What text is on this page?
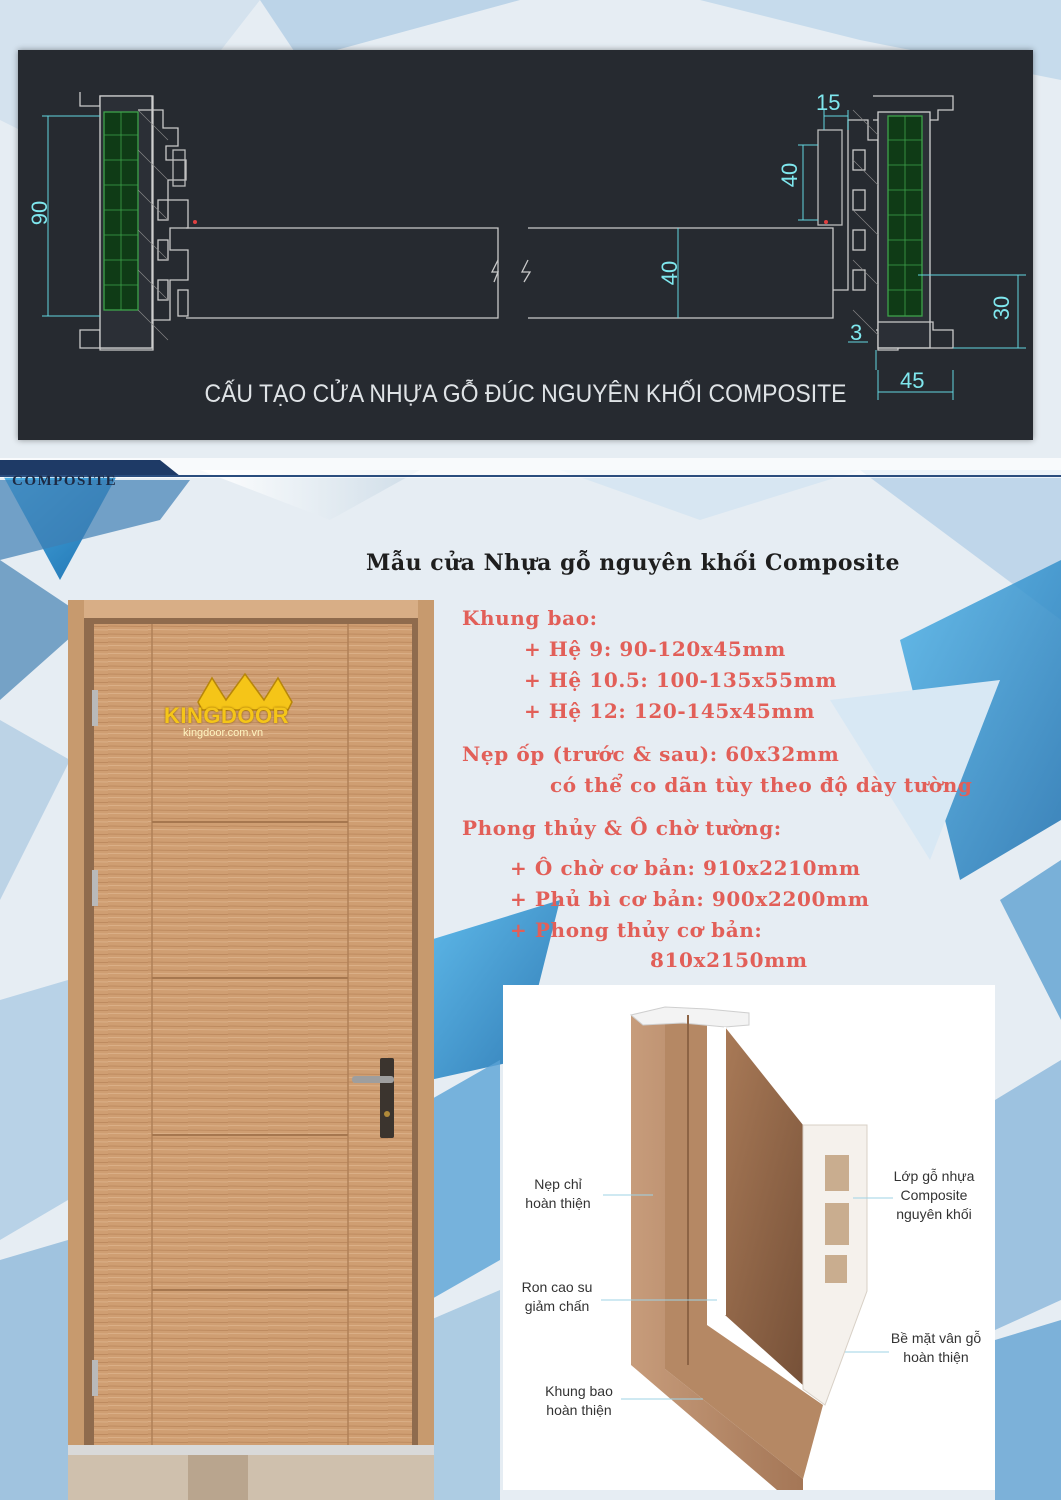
90
40
15
40
30
3
45
CẤU TẠO CỬA NHỰA GỖ ĐÚC NGUYÊN KHỐI COMPOSITE
COMPOSITE
Mẫu cửa Nhựa gỗ nguyên khối Composite
Khung bao:
+ Hệ 9: 90-120x45mm
+ Hệ 10.5: 100-135x55mm
+ Hệ 12: 120-145x45mm
Nẹp ốp (trước & sau): 60x32mm
có thể co dãn tùy theo độ dày tường
Phong thủy & Ô chờ tường:
+ Ô chờ cơ bản: 910x2210mm
+ Phủ bì cơ bản: 900x2200mm
+ Phong thủy cơ bản:
810x2150mm
KINGDOOR
kingdoor.com.vn
Nẹp chỉ
hoàn thiện
Ron cao su
giảm chấn
Khung bao
hoàn thiện
Lớp gỗ nhựa
Composite
nguyên khối
Bề mặt vân gỗ
hoàn thiện
